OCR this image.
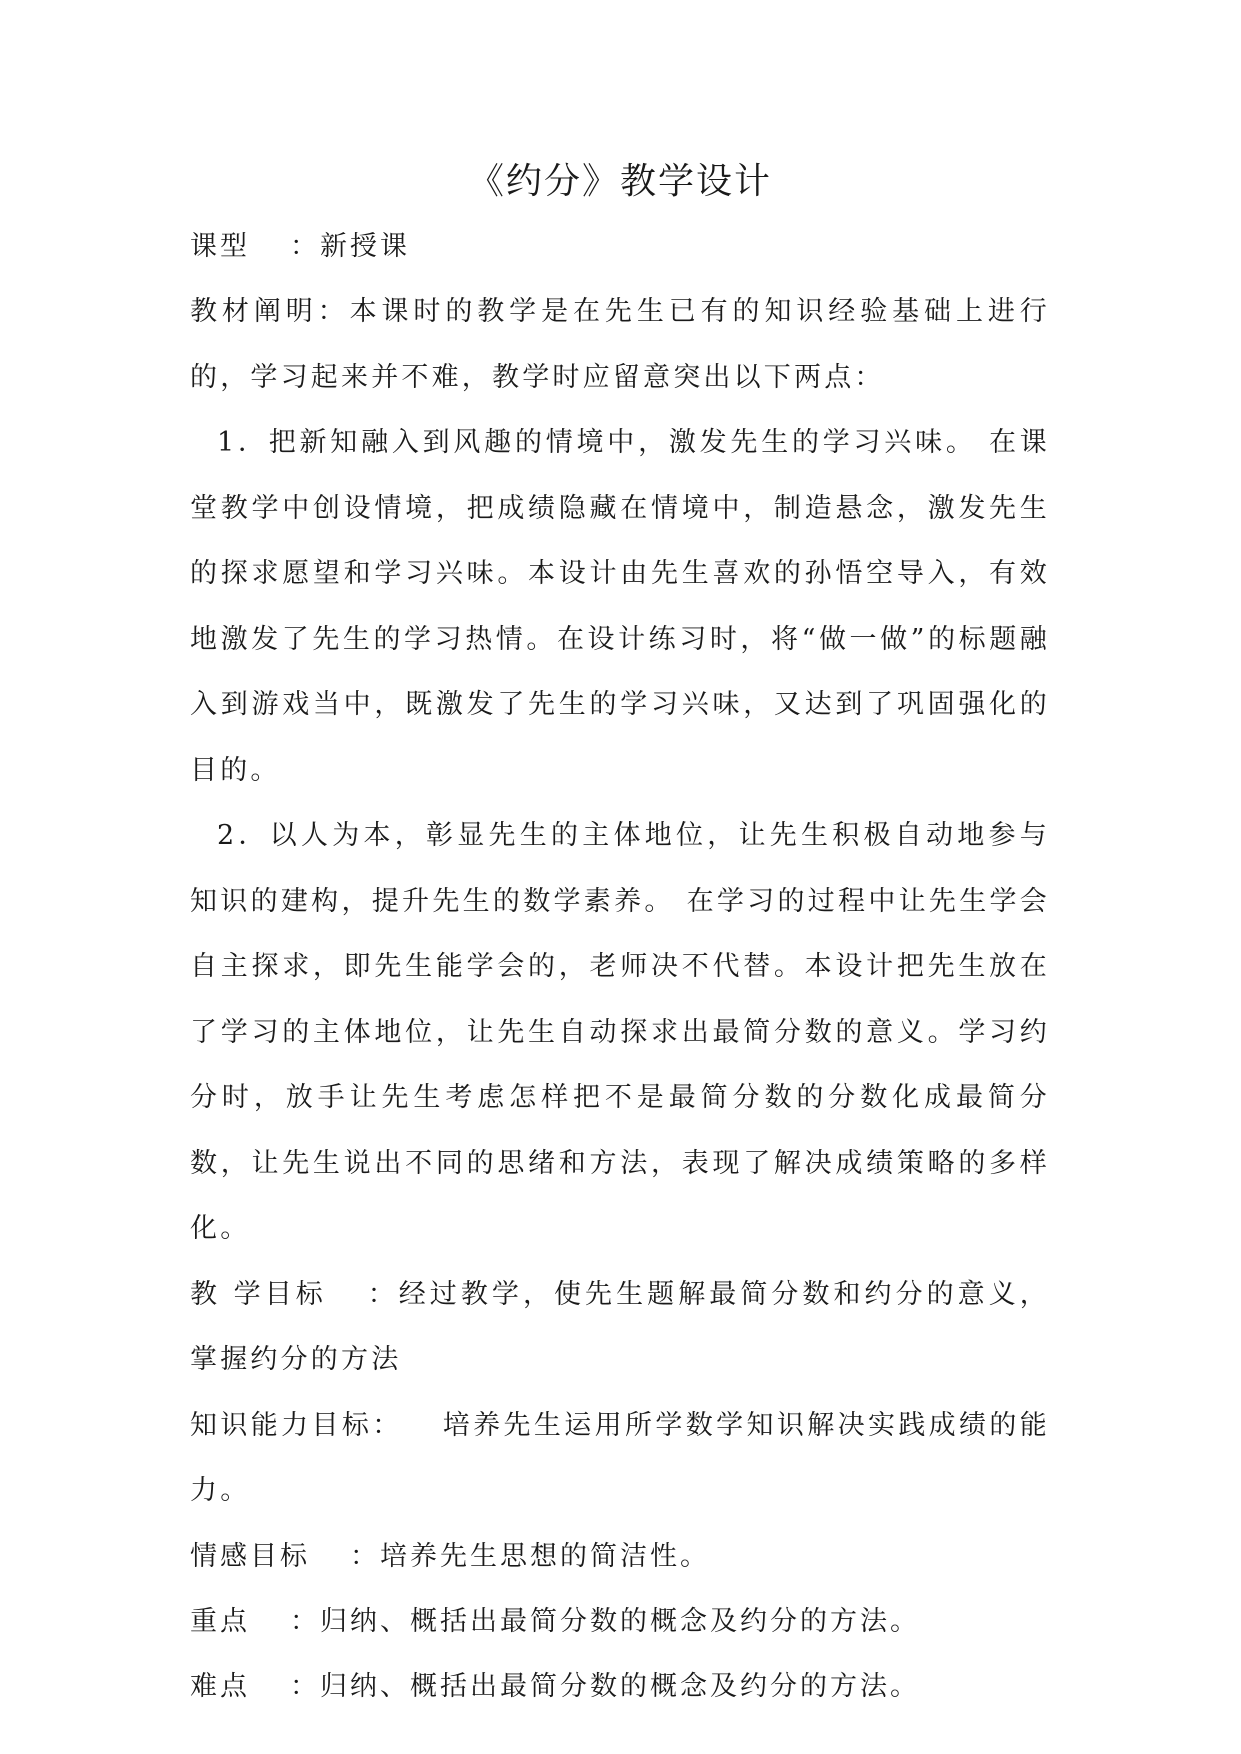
《约分》教学设计

课型 ：新授课

教材阐明：本课时的教学是在先生已有的知识经验基础上进行的，学习起来并不难，教学时应留意突出以下两点：

1．把新知融入到风趣的情境中，激发先生的学习兴味。 在课堂教学中创设情境，把成绩隐藏在情境中，制造悬念，激发先生的探求愿望和学习兴味。本设计由先生喜欢的孙悟空导入，有效地激发了先生的学习热情。在设计练习时，将“做一做”的标题融入到游戏当中，既激发了先生的学习兴味，又达到了巩固强化的目的。

2．以人为本，彰显先生的主体地位，让先生积极自动地参与知识的建构，提升先生的数学素养。 在学习的过程中让先生学会自主探求，即先生能学会的，老师决不代替。本设计把先生放在了学习的主体地位，让先生自动探求出最简分数的意义。学习约分时，放手让先生考虑怎样把不是最简分数的分数化成最简分数，让先生说出不同的思绪和方法，表现了解决成绩策略的多样化。

教 学目标 ：经过教学，使先生题解最简分数和约分的意义，掌握约分的方法

知识能力目标： 培养先生运用所学数学知识解决实践成绩的能力。

情感目标 ：培养先生思想的简洁性。

重点 ：归纳、概括出最简分数的概念及约分的方法。

难点 ：归纳、概括出最简分数的概念及约分的方法。
